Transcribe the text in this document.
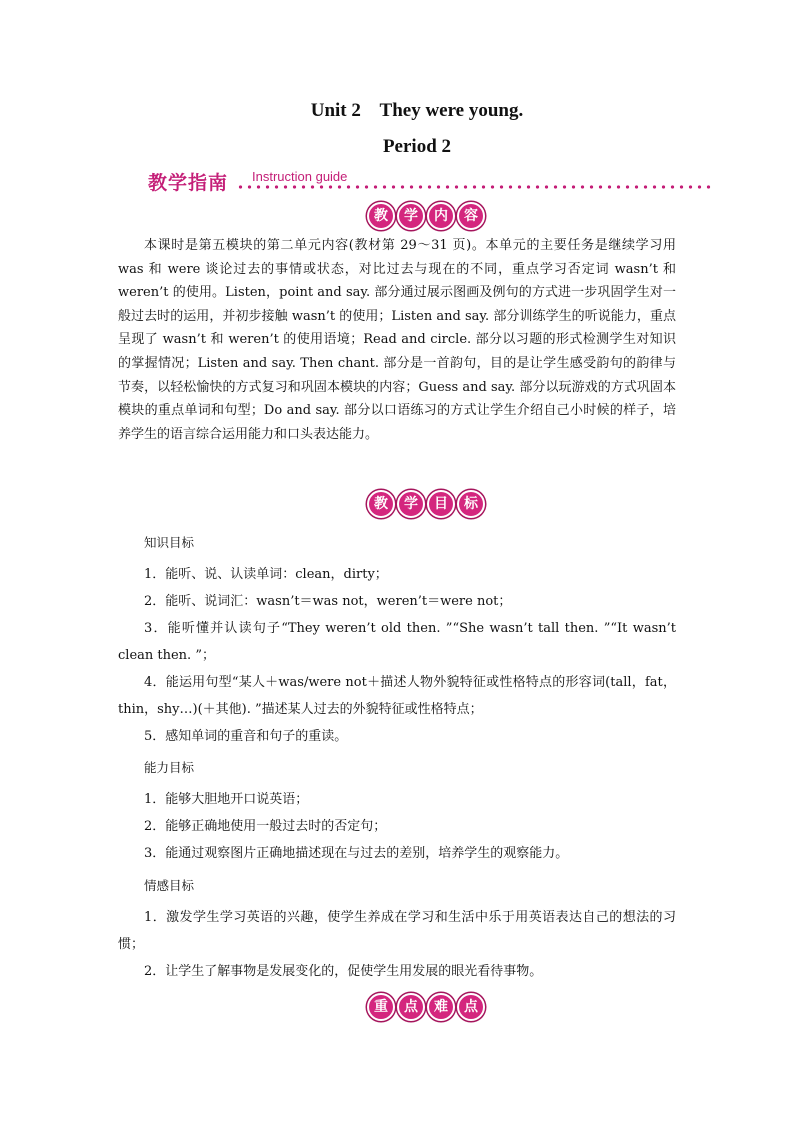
Unit 2    They were young.
Period 2
教学指南 Instruction guide
教	学	内	容
本课时是第五模块的第二单元内容(教材第 29～31 页)。本单元的主要任务是继续学习用 was 和 were 谈论过去的事情或状态，对比过去与现在的不同，重点学习否定词 wasn’t 和 weren’t 的使用。Listen，point and say. 部分通过展示图画及例句的方式进一步巩固学生对一般过去时的运用，并初步接触 wasn’t 的使用；Listen and say. 部分训练学生的听说能力，重点呈现了 wasn’t 和 weren’t 的使用语境；Read and circle. 部分以习题的形式检测学生对知识的掌握情况；Listen and say. Then chant. 部分是一首韵句，目的是让学生感受韵句的韵律与节奏，以轻松愉快的方式复习和巩固本模块的内容；Guess and say. 部分以玩游戏的方式巩固本模块的重点单词和句型；Do and say. 部分以口语练习的方式让学生介绍自己小时候的样子，培养学生的语言综合运用能力和口头表达能力。
教	学	目	标
知识目标
1．能听、说、认读单词：clean，dirty；
2．能听、说词汇：wasn’t＝was not，weren’t＝were not；
3．能听懂并认读句子“They weren’t old then. ”“She wasn’t tall then. ”“It wasn’t clean then. ”；
4．能运用句型“某人＋was/were not＋描述人物外貌特征或性格特点的形容词(tall，fat，thin，shy…)(＋其他). ”描述某人过去的外貌特征或性格特点；
5．感知单词的重音和句子的重读。
能力目标
1．能够大胆地开口说英语；
2．能够正确地使用一般过去时的否定句；
3．能通过观察图片正确地描述现在与过去的差别，培养学生的观察能力。
情感目标
1．激发学生学习英语的兴趣，使学生养成在学习和生活中乐于用英语表达自己的想法的习惯；
2．让学生了解事物是发展变化的，促使学生用发展的眼光看待事物。
重	点	难	点
